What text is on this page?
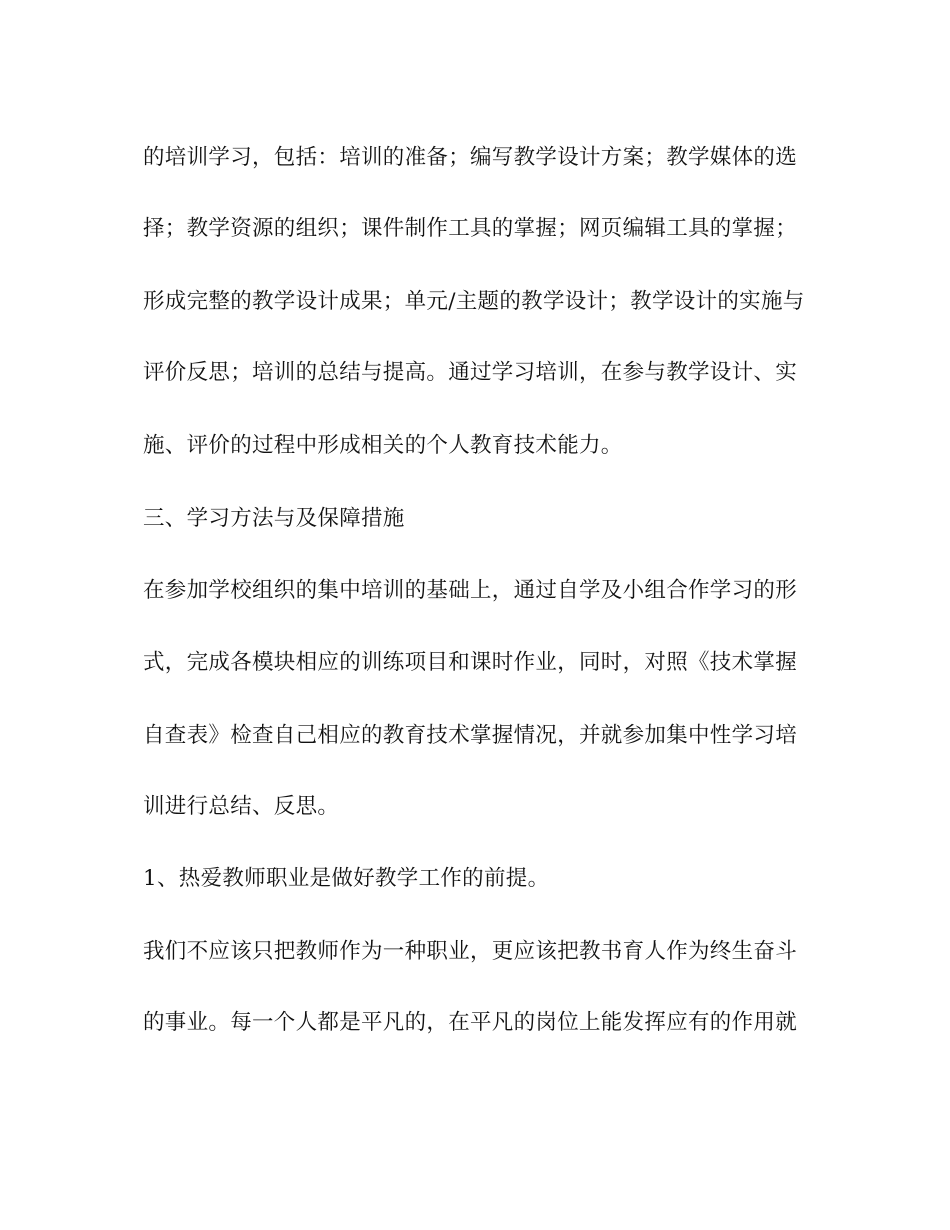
的培训学习，包括：培训的准备；编写教学设计方案；教学媒体的选
择；教学资源的组织；课件制作工具的掌握；网页编辑工具的掌握；
形成完整的教学设计成果；单元/主题的教学设计；教学设计的实施与
评价反思；培训的总结与提高。通过学习培训，在参与教学设计、实
施、评价的过程中形成相关的个人教育技术能力。
三、学习方法与及保障措施
在参加学校组织的集中培训的基础上，通过自学及小组合作学习的形
式，完成各模块相应的训练项目和课时作业，同时，对照《技术掌握
自查表》检查自己相应的教育技术掌握情况，并就参加集中性学习培
训进行总结、反思。
1、热爱教师职业是做好教学工作的前提。
我们不应该只把教师作为一种职业，更应该把教书育人作为终生奋斗
的事业。每一个人都是平凡的，在平凡的岗位上能发挥应有的作用就
